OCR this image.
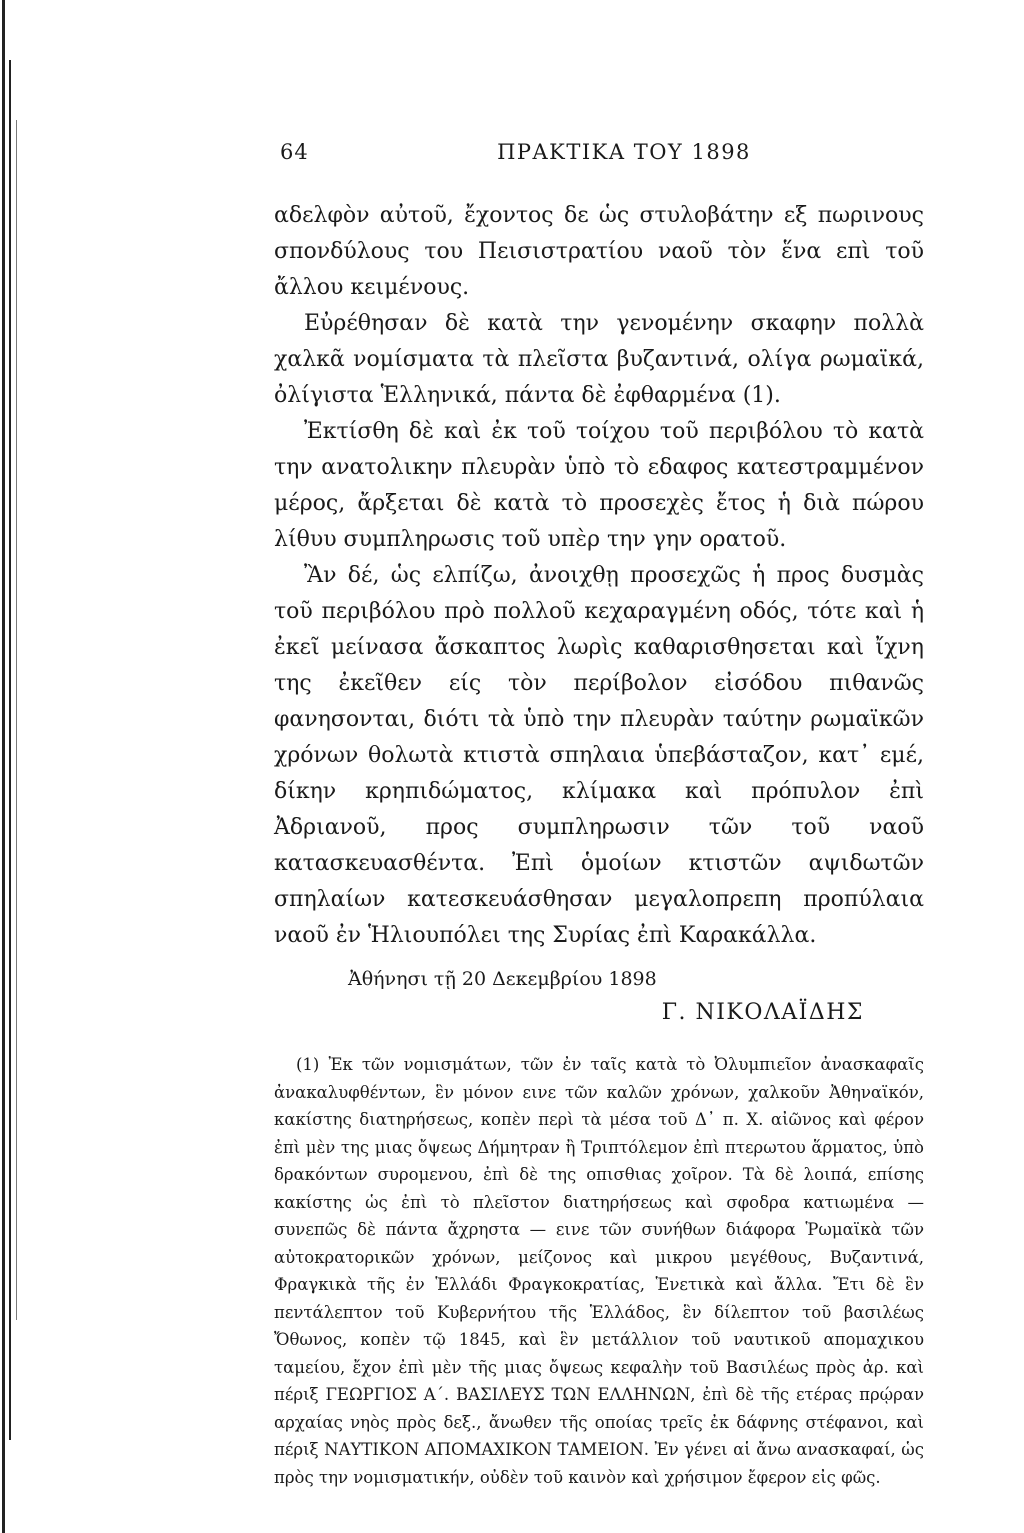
64	ΠΡΑΚΤΙΚΑ ΤΟΥ 1898

αδελφὸν αὐτοῦ, ἔχοντος δε ὡς στυλοβάτην εξ πωρινους σπονδύλους του Πεισιστρατίου ναοῦ τὸν ἕνα επὶ τοῦ ἄλλου κειμένους.

Εὐρέθησαν δὲ κατὰ την γενομένην σκαφην πολλὰ χαλκᾶ νομίσματα τὰ πλεῖστα βυζαντινά, ολίγα ρωμαϊκά, ὀλίγιστα Ἑλληνικά, πάντα δὲ ἐφθαρμένα (1).

Ἐκτίσθη δὲ καὶ ἐκ τοῦ τοίχου τοῦ περιβόλου τὸ κατὰ την ανατολικην πλευρὰν ὑπὸ τὸ εδαφος κατεστραμμένον μέρος, ἄρξεται δὲ κατὰ τὸ προσεχὲς ἔτος ἡ διὰ πώρου λίθυυ συμπληρωσις τοῦ υπὲρ την γην ορατοῦ.

Ἂν δέ, ὡς ελπίζω, ἀνοιχθῃ προσεχῶς ἡ προς δυσμὰς τοῦ περιβόλου πρὸ πολλοῦ κεχαραγμένη οδός, τότε καὶ ἡ ἐκεῖ μείνασα ἄσκαπτος λωρὶς καθαρισθησεται καὶ ἴχνη της ἐκεῖθεν είς τὸν περίβολον εἰσόδου πιθανῶς φανησονται, διότι τὰ ὑπὸ την πλευρὰν ταύτην ρωμαϊκῶν χρόνων θολωτὰ κτιστὰ σπηλαια ὑπεβάσταζον, κατ᾽ εμέ, δίκην κρηπιδώματος, κλίμακα καὶ πρόπυλον ἐπὶ Ἀδριανοῦ, προς συμπληρωσιν τῶν τοῦ ναοῦ κατασκευασθέντα. Ἐπὶ ὁμοίων κτιστῶν αψιδωτῶν σπηλαίων κατεσκευάσθησαν μεγαλοπρεπη προπύλαια ναοῦ ἐν Ἡλιουπόλει της Συρίας ἐπὶ Καρακάλλα.

Ἀθήνησι τῇ 20 Δεκεμβρίου 1898
Γ. ΝΙΚΟΛΑΪΔΗΣ
(1) Ἐκ τῶν νομισμάτων, τῶν ἐν ταῖς κατὰ τὸ Ὀλυμπιεῖον ἀνασκαφαῖς ἀνακαλυφθέντων, ἓν μόνον εινε τῶν καλῶν χρόνων, χαλκοῦν Ἀθηναϊκόν, κακίστης διατηρήσεως, κοπὲν περὶ τὰ μέσα τοῦ Δ᾽ π. Χ. αἰῶνος καὶ φέρον ἐπὶ μὲν της μιας ὄψεως Δήμητραν ἢ Τριπτόλεμον ἐπὶ πτερωτου ἅρματος, ὑπὸ δρακόντων συρομενου, ἐπὶ δὲ της οπισθιας χοῖρον. Τὰ δὲ λοιπά, επίσης κακίστης ὡς ἐπὶ τὸ πλεῖστον διατηρήσεως καὶ σφοδρα κατιωμένα — συνεπῶς δὲ πάντα ἄχρηστα — εινε τῶν συνήθων διάφορα Ῥωμαϊκὰ τῶν αὐτοκρατορικῶν χρόνων, μείζονος καὶ μικρου μεγέθους, Βυζαντινά, Φραγκικὰ τῆς ἐν Ἑλλάδι Φραγκοκρατίας, Ἑνετικὰ καὶ ἄλλα. Ἔτι δὲ ἓν πεντάλεπτον τοῦ Κυβερνήτου τῆς Ἑλλάδος, ἓν δίλεπτον τοῦ βασιλέως Ὄθωνος, κοπὲν τῷ 1845, καὶ ἓν μετάλλιον τοῦ ναυτικοῦ απομαχικου ταμείου, ἔχον ἐπὶ μὲν τῆς μιας ὄψεως κεφαλὴν τοῦ Βασιλέως πρὸς ἀρ. καὶ πέριξ ΓΕΩΡΓΙΟΣ Α΄. ΒΑΣΙΛΕΥΣ ΤΩΝ ΕΛΛΗΝΩΝ, ἐπὶ δὲ τῆς ετέρας πρῴραν αρχαίας νηὸς πρὸς δεξ., ἄνωθεν τῆς οποίας τρεῖς ἐκ δάφνης στέφανοι, καὶ πέριξ ΝΑΥΤΙΚΟΝ ΑΠΟΜΑΧΙΚΟΝ ΤΑΜΕΙΟΝ. Ἐν γένει αἱ ἄνω ανασκαφαί, ὡς πρὸς την νομισματικήν, οὐδὲν τοῦ καινὸν καὶ χρήσιμον ἔφερον εἰς φῶς.
